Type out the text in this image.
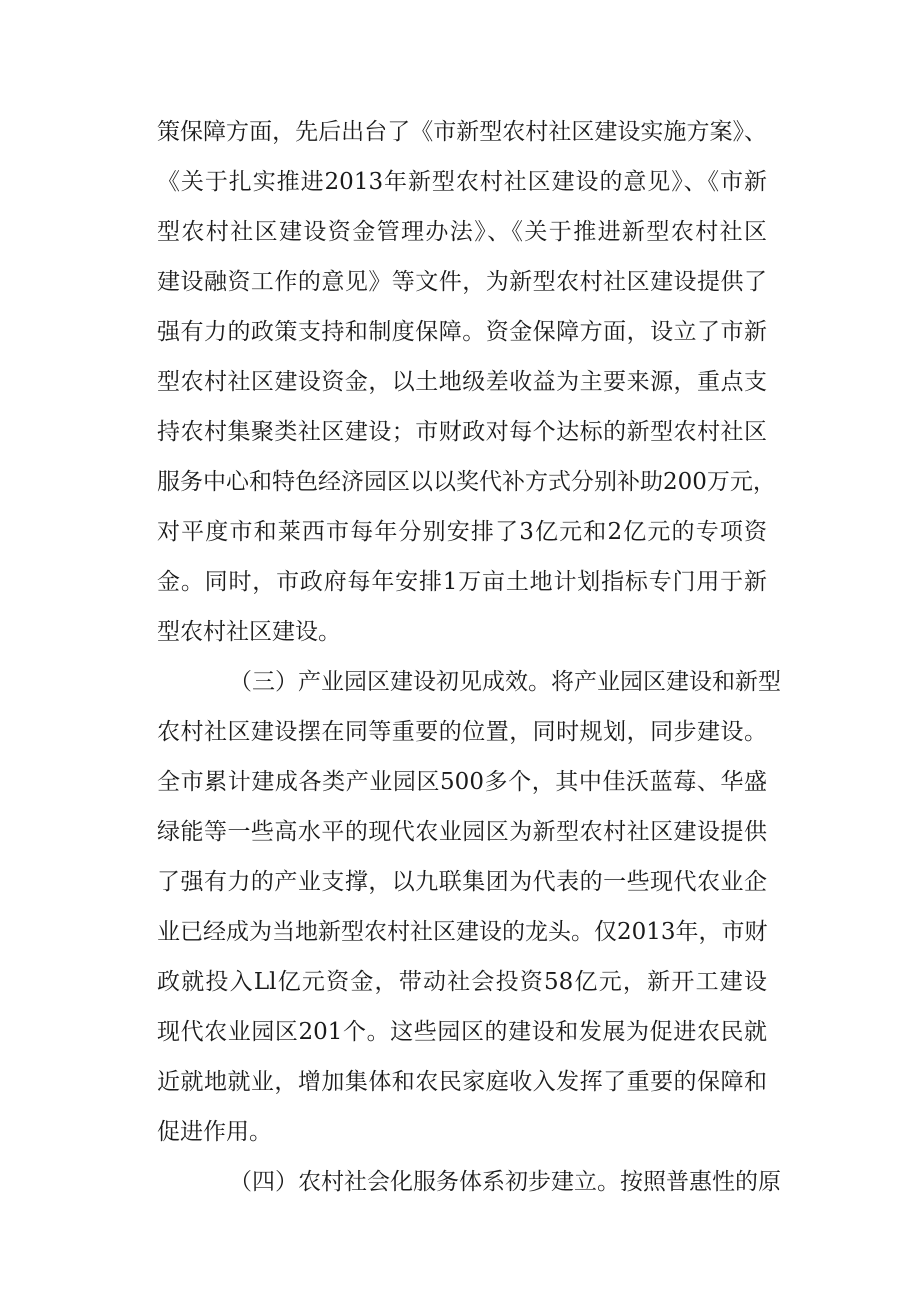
策保障方面，先后出台了《市新型农村社区建设实施方案》、
《关于扎实推进2013年新型农村社区建设的意见》、《市新
型农村社区建设资金管理办法》、《关于推进新型农村社区
建设融资工作的意见》等文件，为新型农村社区建设提供了
强有力的政策支持和制度保障。资金保障方面，设立了市新
型农村社区建设资金，以土地级差收益为主要来源，重点支
持农村集聚类社区建设；市财政对每个达标的新型农村社区
服务中心和特色经济园区以以奖代补方式分别补助200万元，
对平度市和莱西市每年分别安排了3亿元和2亿元的专项资
金。同时，市政府每年安排1万亩土地计划指标专门用于新
型农村社区建设。
（三）产业园区建设初见成效。将产业园区建设和新型
农村社区建设摆在同等重要的位置，同时规划，同步建设。
全市累计建成各类产业园区500多个，其中佳沃蓝莓、华盛
绿能等一些高水平的现代农业园区为新型农村社区建设提供
了强有力的产业支撑，以九联集团为代表的一些现代农业企
业已经成为当地新型农村社区建设的龙头。仅2013年，市财
政就投入Ll亿元资金，带动社会投资58亿元，新开工建设
现代农业园区201个。这些园区的建设和发展为促进农民就
近就地就业，增加集体和农民家庭收入发挥了重要的保障和
促进作用。
（四）农村社会化服务体系初步建立。按照普惠性的原
